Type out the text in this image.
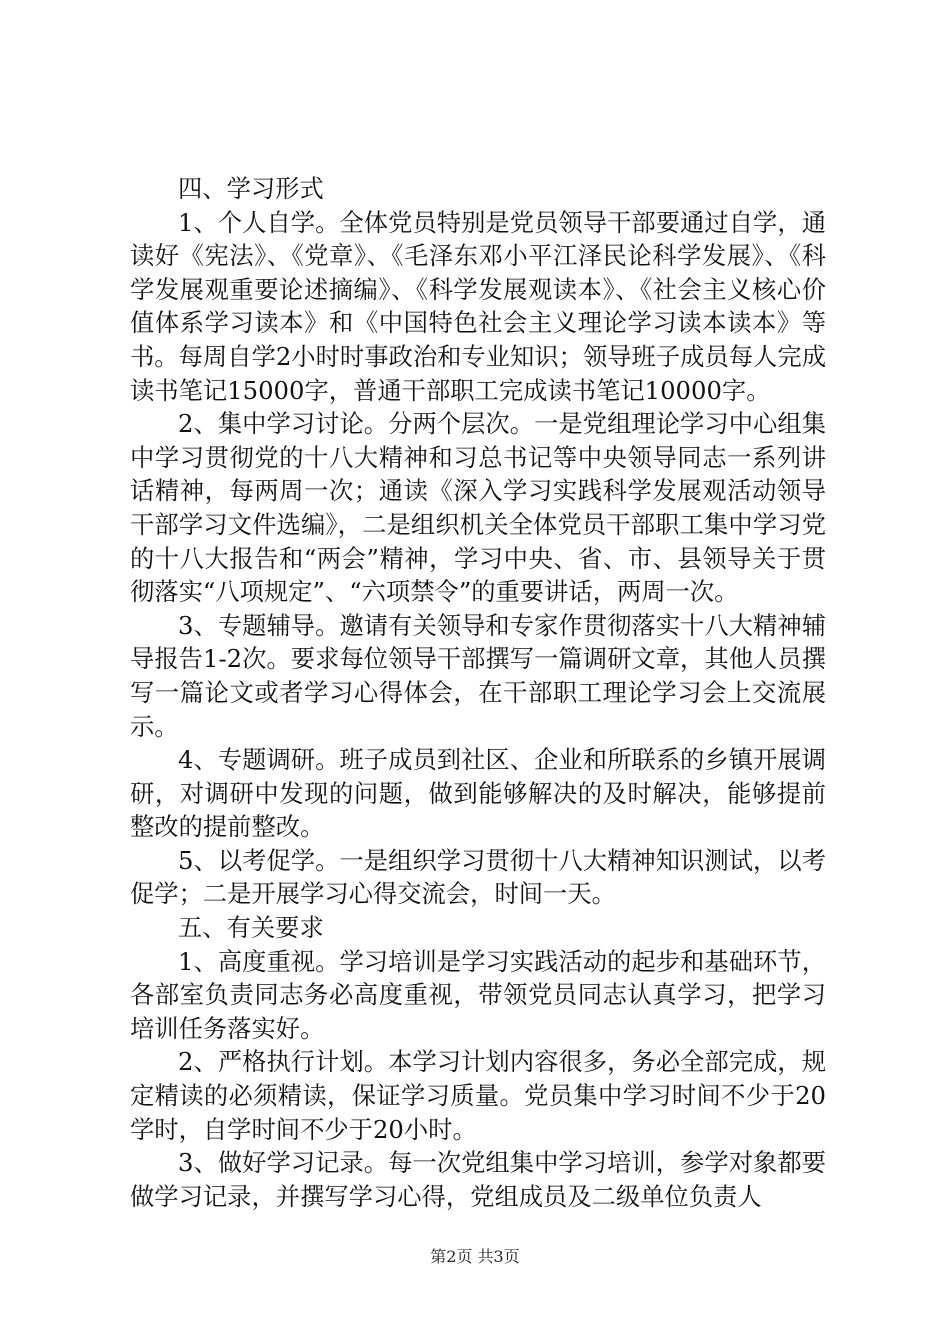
四、学习形式

1、个人自学。全体党员特别是党员领导干部要通过自学，通读好《宪法》、《党章》、《毛泽东邓小平江泽民论科学发展》、《科学发展观重要论述摘编》、《科学发展观读本》、《社会主义核心价值体系学习读本》和《中国特色社会主义理论学习读本读本》等书。每周自学2小时时事政治和专业知识；领导班子成员每人完成读书笔记15000字，普通干部职工完成读书笔记10000字。

2、集中学习讨论。分两个层次。一是党组理论学习中心组集中学习贯彻党的十八大精神和习总书记等中央领导同志一系列讲话精神，每两周一次；通读《深入学习实践科学发展观活动领导干部学习文件选编》，二是组织机关全体党员干部职工集中学习党的十八大报告和“两会”精神，学习中央、省、市、县领导关于贯彻落实“八项规定”、“六项禁令”的重要讲话，两周一次。

3、专题辅导。邀请有关领导和专家作贯彻落实十八大精神辅导报告1-2次。要求每位领导干部撰写一篇调研文章，其他人员撰写一篇论文或者学习心得体会，在干部职工理论学习会上交流展示。

4、专题调研。班子成员到社区、企业和所联系的乡镇开展调研，对调研中发现的问题，做到能够解决的及时解决，能够提前整改的提前整改。

5、以考促学。一是组织学习贯彻十八大精神知识测试，以考促学；二是开展学习心得交流会，时间一天。

五、有关要求

1、高度重视。学习培训是学习实践活动的起步和基础环节，各部室负责同志务必高度重视，带领党员同志认真学习，把学习培训任务落实好。

2、严格执行计划。本学习计划内容很多，务必全部完成，规定精读的必须精读，保证学习质量。党员集中学习时间不少于20学时，自学时间不少于20小时。

3、做好学习记录。每一次党组集中学习培训，参学对象都要做学习记录，并撰写学习心得，党组成员及二级单位负责人

第2页 共3页
